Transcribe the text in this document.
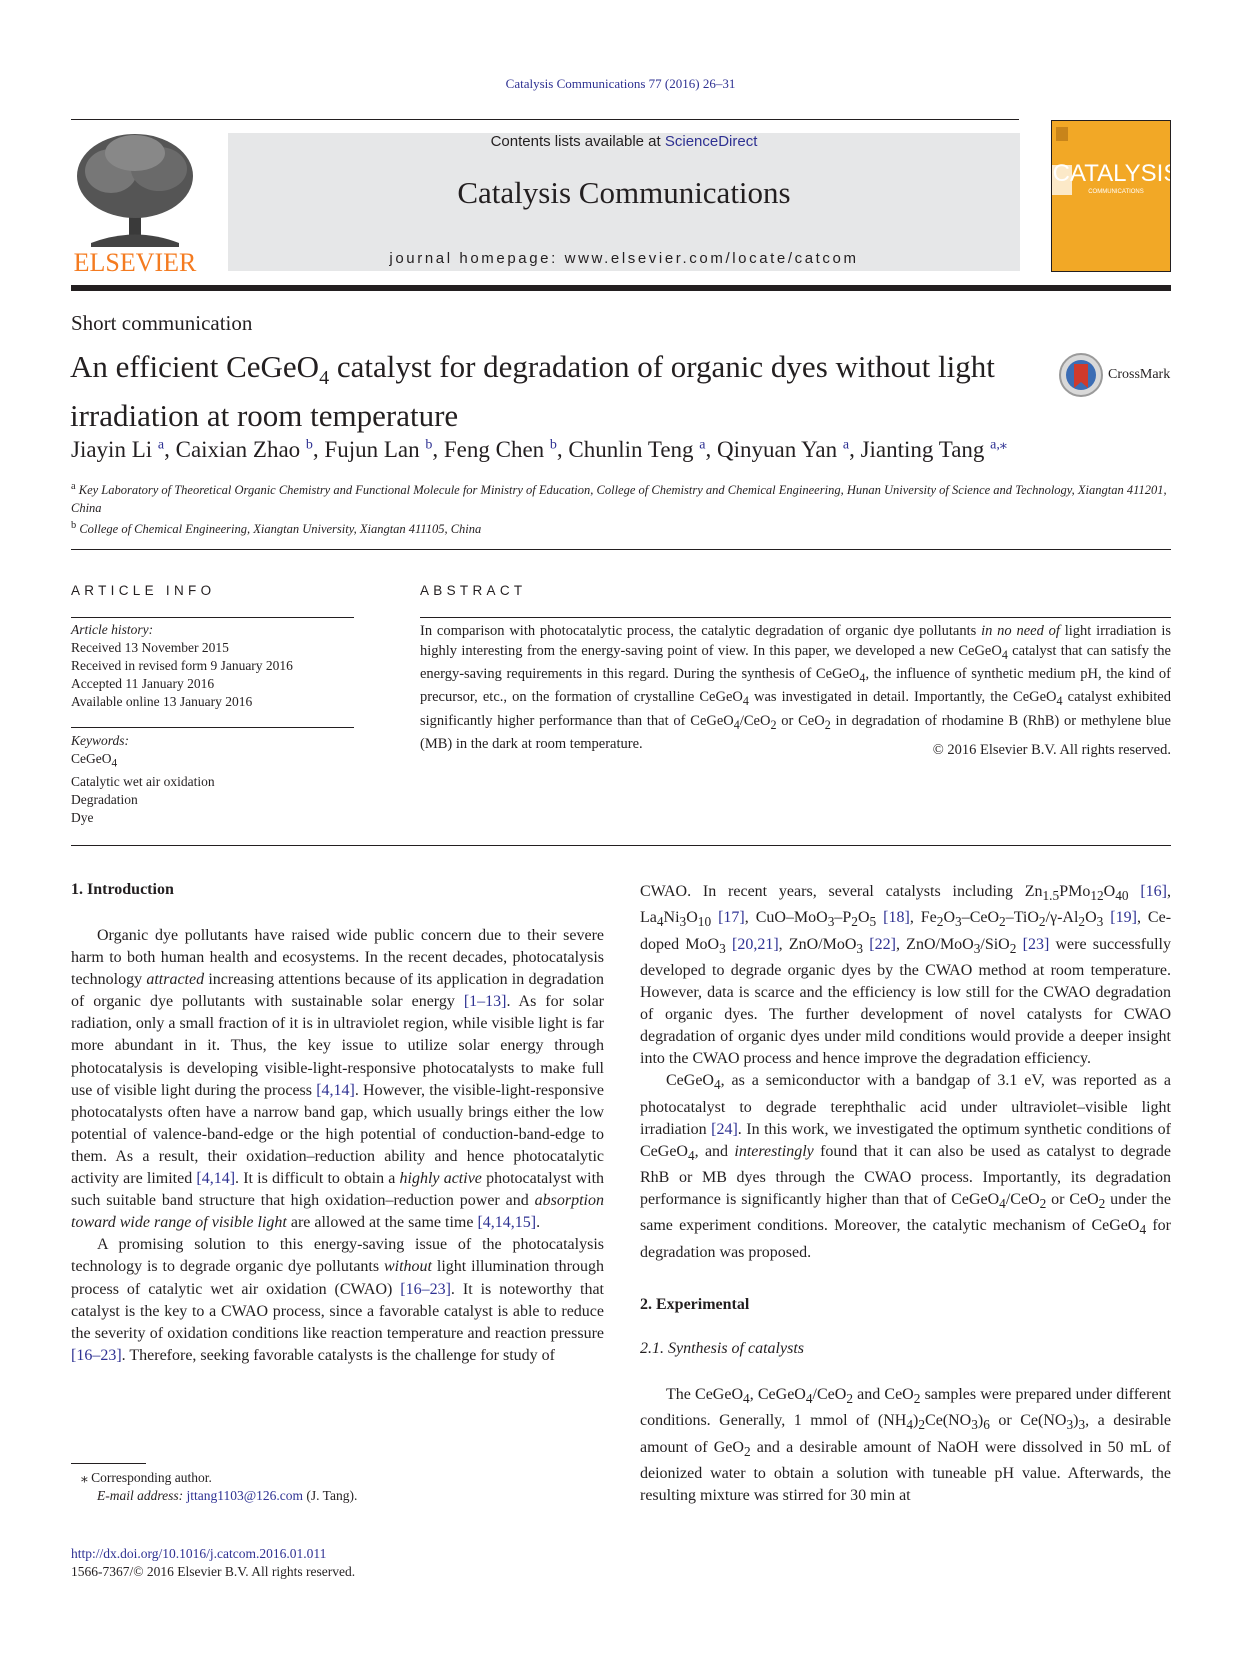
Catalysis Communications 77 (2016) 26–31
ELSEVIER
Contents lists available at ScienceDirect
Catalysis Communications
journal homepage: www.elsevier.com/locate/catcom
CATALYSIS
COMMUNICATIONS
Short communication
An efficient CeGeO$_4$ catalyst for degradation of organic dyes without light irradiation at room temperature
CrossMark
Jiayin Li $^a$, Caixian Zhao $^b$, Fujun Lan $^b$, Feng Chen $^b$, Chunlin Teng $^a$, Qinyuan Yan $^a$, Jianting Tang $^{a,⁎}$
$^a$ Key Laboratory of Theoretical Organic Chemistry and Functional Molecule for Ministry of Education, College of Chemistry and Chemical Engineering, Hunan University of Science and Technology, Xiangtan 411201, China
$^b$ College of Chemical Engineering, Xiangtan University, Xiangtan 411105, China
ARTICLE INFO
Article history:
Received 13 November 2015
Received in revised form 9 January 2016
Accepted 11 January 2016
Available online 13 January 2016
Keywords:
CeGeO$_4$
Catalytic wet air oxidation
Degradation
Dye
ABSTRACT
In comparison with photocatalytic process, the catalytic degradation of organic dye pollutants in no need of light irradiation is highly interesting from the energy-saving point of view. In this paper, we developed a new CeGeO$_4$ catalyst that can satisfy the energy-saving requirements in this regard. During the synthesis of CeGeO$_4$, the influence of synthetic medium pH, the kind of precursor, etc., on the formation of crystalline CeGeO$_4$ was investigated in detail. Importantly, the CeGeO$_4$ catalyst exhibited significantly higher performance than that of CeGeO$_4$/CeO$_2$ or CeO$_2$ in degradation of rhodamine B (RhB) or methylene blue (MB) in the dark at room temperature.	© 2016 Elsevier B.V. All rights reserved.
1. Introduction

Organic dye pollutants have raised wide public concern due to their severe harm to both human health and ecosystems. In the recent decades, photocatalysis technology attracted increasing attentions because of its application in degradation of organic dye pollutants with sustainable solar energy [1–13]. As for solar radiation, only a small fraction of it is in ultraviolet region, while visible light is far more abundant in it. Thus, the key issue to utilize solar energy through photocatalysis is developing visible-light-responsive photocatalysts to make full use of visible light during the process [4,14]. However, the visible-light-responsive photocatalysts often have a narrow band gap, which usually brings either the low potential of valence-band-edge or the high potential of conduction-band-edge to them. As a result, their oxidation–reduction ability and hence photocatalytic activity are limited [4,14]. It is difficult to obtain a highly active photocatalyst with such suitable band structure that high oxidation–reduction power and absorption toward wide range of visible light are allowed at the same time [4,14,15].

A promising solution to this energy-saving issue of the photocatalysis technology is to degrade organic dye pollutants without light illumination through process of catalytic wet air oxidation (CWAO) [16–23]. It is noteworthy that catalyst is the key to a CWAO process, since a favorable catalyst is able to reduce the severity of oxidation conditions like reaction temperature and reaction pressure [16–23]. Therefore, seeking favorable catalysts is the challenge for study of

CWAO. In recent years, several catalysts including $Zn_{1.5}PMo_{12}O_{40}$ [16], $La_4Ni_3O_{10}$ [17], CuO–$MoO_3-P_2O_5$ [18], $Fe_2O_3-CeO_2-TiO_2/\gamma-Al_2O_3$ [19], Ce-doped MoO$_3$ [20,21], ZnO/MoO$_3$ [22], ZnO/MoO$_3$/SiO$_2$ [23] were successfully developed to degrade organic dyes by the CWAO method at room temperature. However, data is scarce and the efficiency is low still for the CWAO degradation of organic dyes. The further development of novel catalysts for CWAO degradation of organic dyes under mild conditions would provide a deeper insight into the CWAO process and hence improve the degradation efficiency.

CeGeO$_4$, as a semiconductor with a bandgap of 3.1 eV, was reported as a photocatalyst to degrade terephthalic acid under ultraviolet–visible light irradiation [24]. In this work, we investigated the optimum synthetic conditions of CeGeO$_4$, and interestingly found that it can also be used as catalyst to degrade RhB or MB dyes through the CWAO process. Importantly, its degradation performance is significantly higher than that of CeGeO$_4$/CeO$_2$ or CeO$_2$ under the same experiment conditions. Moreover, the catalytic mechanism of CeGeO$_4$ for degradation was proposed.

2. Experimental
2.1. Synthesis of catalysts

The CeGeO$_4$, CeGeO$_4$/CeO$_2$ and CeO$_2$ samples were prepared under different conditions. Generally, 1 mmol of $(NH_4)_2Ce(NO_3)_6$ or $Ce(NO_3)_3$, a desirable amount of GeO$_2$ and a desirable amount of NaOH were dissolved in 50 mL of deionized water to obtain a solution with tuneable pH value. Afterwards, the resulting mixture was stirred for 30 min at

⁎ Corresponding author.
E-mail address: jttang1103@126.com (J. Tang).
http://dx.doi.org/10.1016/j.catcom.2016.01.011
1566-7367/© 2016 Elsevier B.V. All rights reserved.
